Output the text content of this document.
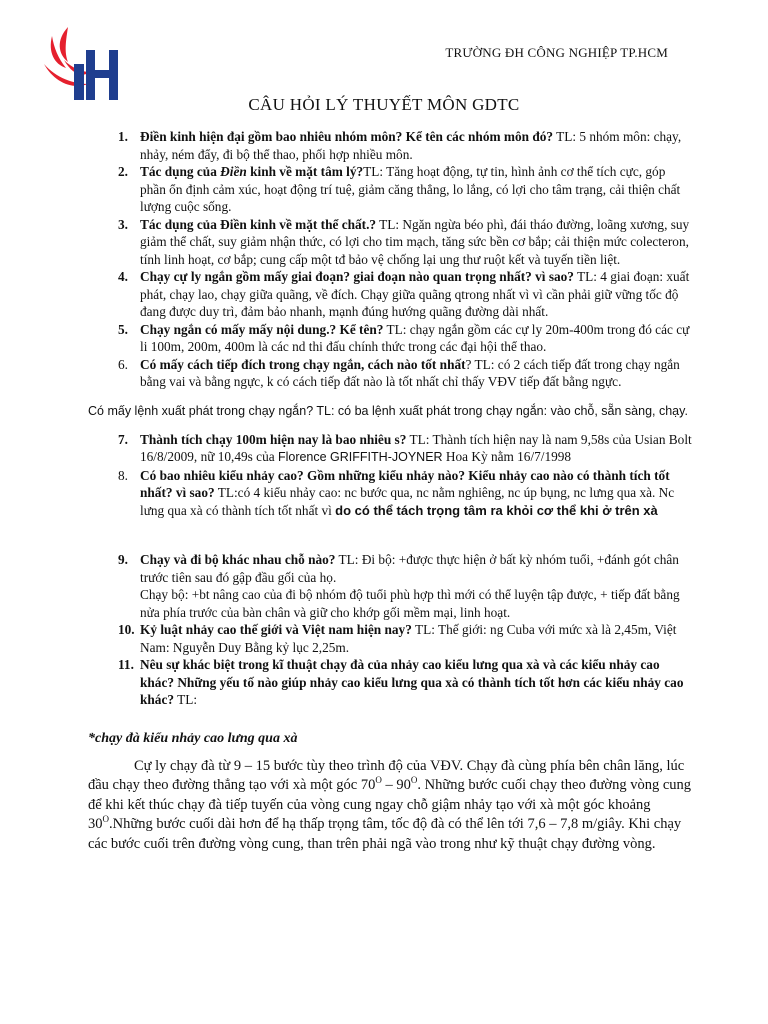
TRƯỜNG ĐH CÔNG NGHIỆP TP.HCM
CÂU HỎI LÝ THUYẾT MÔN GDTC
1. Điền kinh hiện đại gồm bao nhiêu nhóm môn? Kể tên các nhóm môn đó? TL: 5 nhóm môn: chạy, nhảy, ném đẩy, đi bộ thể thao, phối hợp nhiều môn.
2. Tác dụng của Điền kinh về mặt tâm lý?TL: Tăng hoạt động, tự tin, hình ảnh cơ thể tích cực, góp phần ổn định cảm xúc, hoạt động trí tuệ, giảm căng thẳng, lo lắng, có lợi cho tâm trạng, cải thiện chất lượng cuộc sống.
3. Tác dụng của Điền kinh về mặt thể chất.? TL: Ngăn ngừa béo phì, đái tháo đường, loãng xương, suy giảm thể chất, suy giảm nhận thức, có lợi cho tim mạch, tăng sức bền cơ bắp; cải thiện mức colecteron, tính linh hoạt, cơ bắp; cung cấp một tđ bảo vệ chống lại ung thư ruột kết và tuyến tiền liệt.
4. Chạy cự ly ngắn gồm mấy giai đoạn? giai đoạn nào quan trọng nhất? vì sao? TL: 4 giai đoạn: xuất phát, chạy lao, chạy giữa quãng, về đích. Chạy giữa quãng qtrong nhất vì vì cần phải giữ vững tốc độ đang được duy trì, đảm bảo nhanh, mạnh đúng hướng quãng đường dài nhất.
5. Chạy ngắn có mấy mấy nội dung.? Kể tên? TL: chạy ngắn gồm các cự ly 20m-400m trong đó các cự li 100m, 200m, 400m là các nd thi đấu chính thức trong các đại hội thể thao.
6. Có mấy cách tiếp đích trong chạy ngắn, cách nào tốt nhất? TL: có 2 cách tiếp đất trong chạy ngắn bằng vai và bằng ngực, k có cách tiếp đất nào là tốt nhất chỉ thấy VĐV tiếp đất bằng ngực.
Có mấy lệnh xuất phát trong chạy ngắn? TL: có ba lệnh xuất phát trong chạy ngắn: vào chỗ, sẵn sàng, chạy.
7. Thành tích chạy 100m hiện nay là bao nhiêu s? TL: Thành tích hiện nay là nam 9,58s của Usian Bolt 16/8/2009, nữ 10,49s của Florence GRIFFITH-JOYNER Hoa Kỳ nằm 16/7/1998
8. Có bao nhiêu kiểu nhảy cao? Gồm những kiểu nhảy nào? Kiểu nhảy cao nào có thành tích tốt nhất? vì sao? TL:có 4 kiểu nhảy cao: nc bước qua, nc nằm nghiêng, nc úp bụng, nc lưng qua xà. Nc lưng qua xà có thành tích tốt nhất vì do có thể tách trọng tâm ra khỏi cơ thể khi ở trên xà
9. Chạy và đi bộ khác nhau chỗ nào? TL: Đi bộ: +được thực hiện ở bất kỳ nhóm tuổi, +đánh gót chân trước tiên sau đó gập đầu gối của họ.
Chạy bộ: +bt nâng cao của đi bộ nhóm độ tuổi phù hợp thì mới có thể luyện tập được, + tiếp đất bằng nửa phía trước của bàn chân và giữ cho khớp gối mềm mại, linh hoạt.
10. Kỷ luật nhảy cao thế giới và Việt nam hiện nay? TL: Thế giới: ng Cuba với mức xà là 2,45m, Việt Nam: Nguyễn Duy Bằng kỷ lục 2,25m.
11. Nêu sự khác biệt trong kĩ thuật chạy đà của nhảy cao kiểu lưng qua xà và các kiểu nhảy cao khác? Những yếu tố nào giúp nhảy cao kiểu lưng qua xà có thành tích tốt hơn các kiểu nhảy cao khác? TL:
*chạy đà kiểu nhảy cao lưng qua xà
Cự ly chạy đà từ 9 – 15 bước tùy theo trình độ của VĐV. Chạy đà cùng phía bên chân lăng, lúc đầu chạy theo đường thẳng tạo với xà một góc $70^O - 90^O$. Những bước cuối chạy theo đường vòng cung để khi kết thúc chạy đà tiếp tuyến của vòng cung ngay chỗ giậm nhảy tạo với xà một góc khoảng $30^O.Những$ bước cuối dài hơn để hạ thấp trọng tâm, tốc độ đà có thể lên tới 7,6 – 7,8 m/giây. Khi chạy các bước cuối trên đường vòng cung, than trên phải ngã vào trong như kỹ thuật chạy đường vòng.
